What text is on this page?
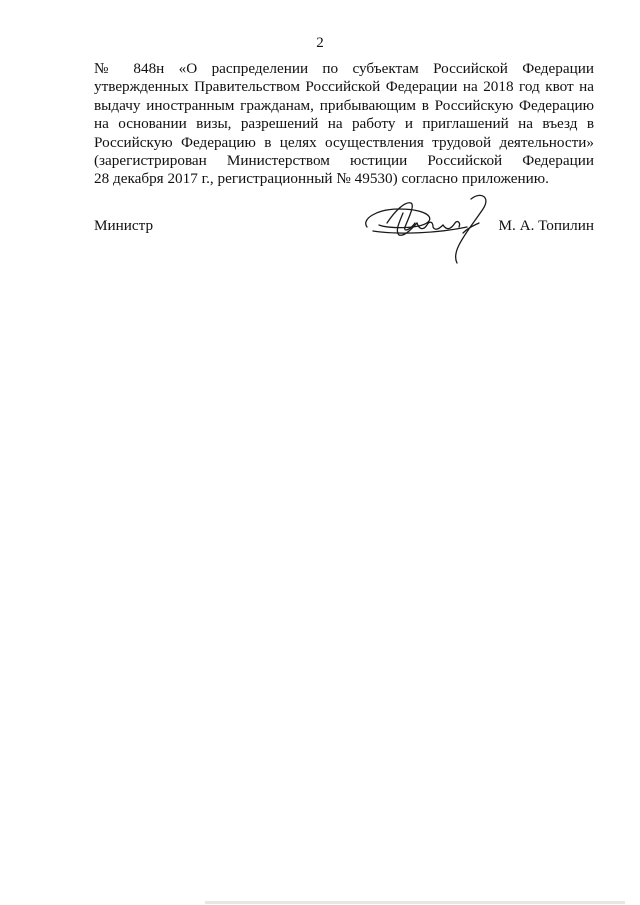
2
№ 848н «О распределении по субъектам Российской Федерации
утвержденных Правительством Российской Федерации на 2018 год квот на
выдачу иностранным гражданам, прибывающим в Российскую Федерацию
на основании визы, разрешений на работу и приглашений на въезд в
Российскую Федерацию в целях осуществления трудовой деятельности»
(зарегистрирован Министерством юстиции Российской Федерации
28 декабря 2017 г., регистрационный № 49530) согласно приложению.
Министр	М. А. Топилин
